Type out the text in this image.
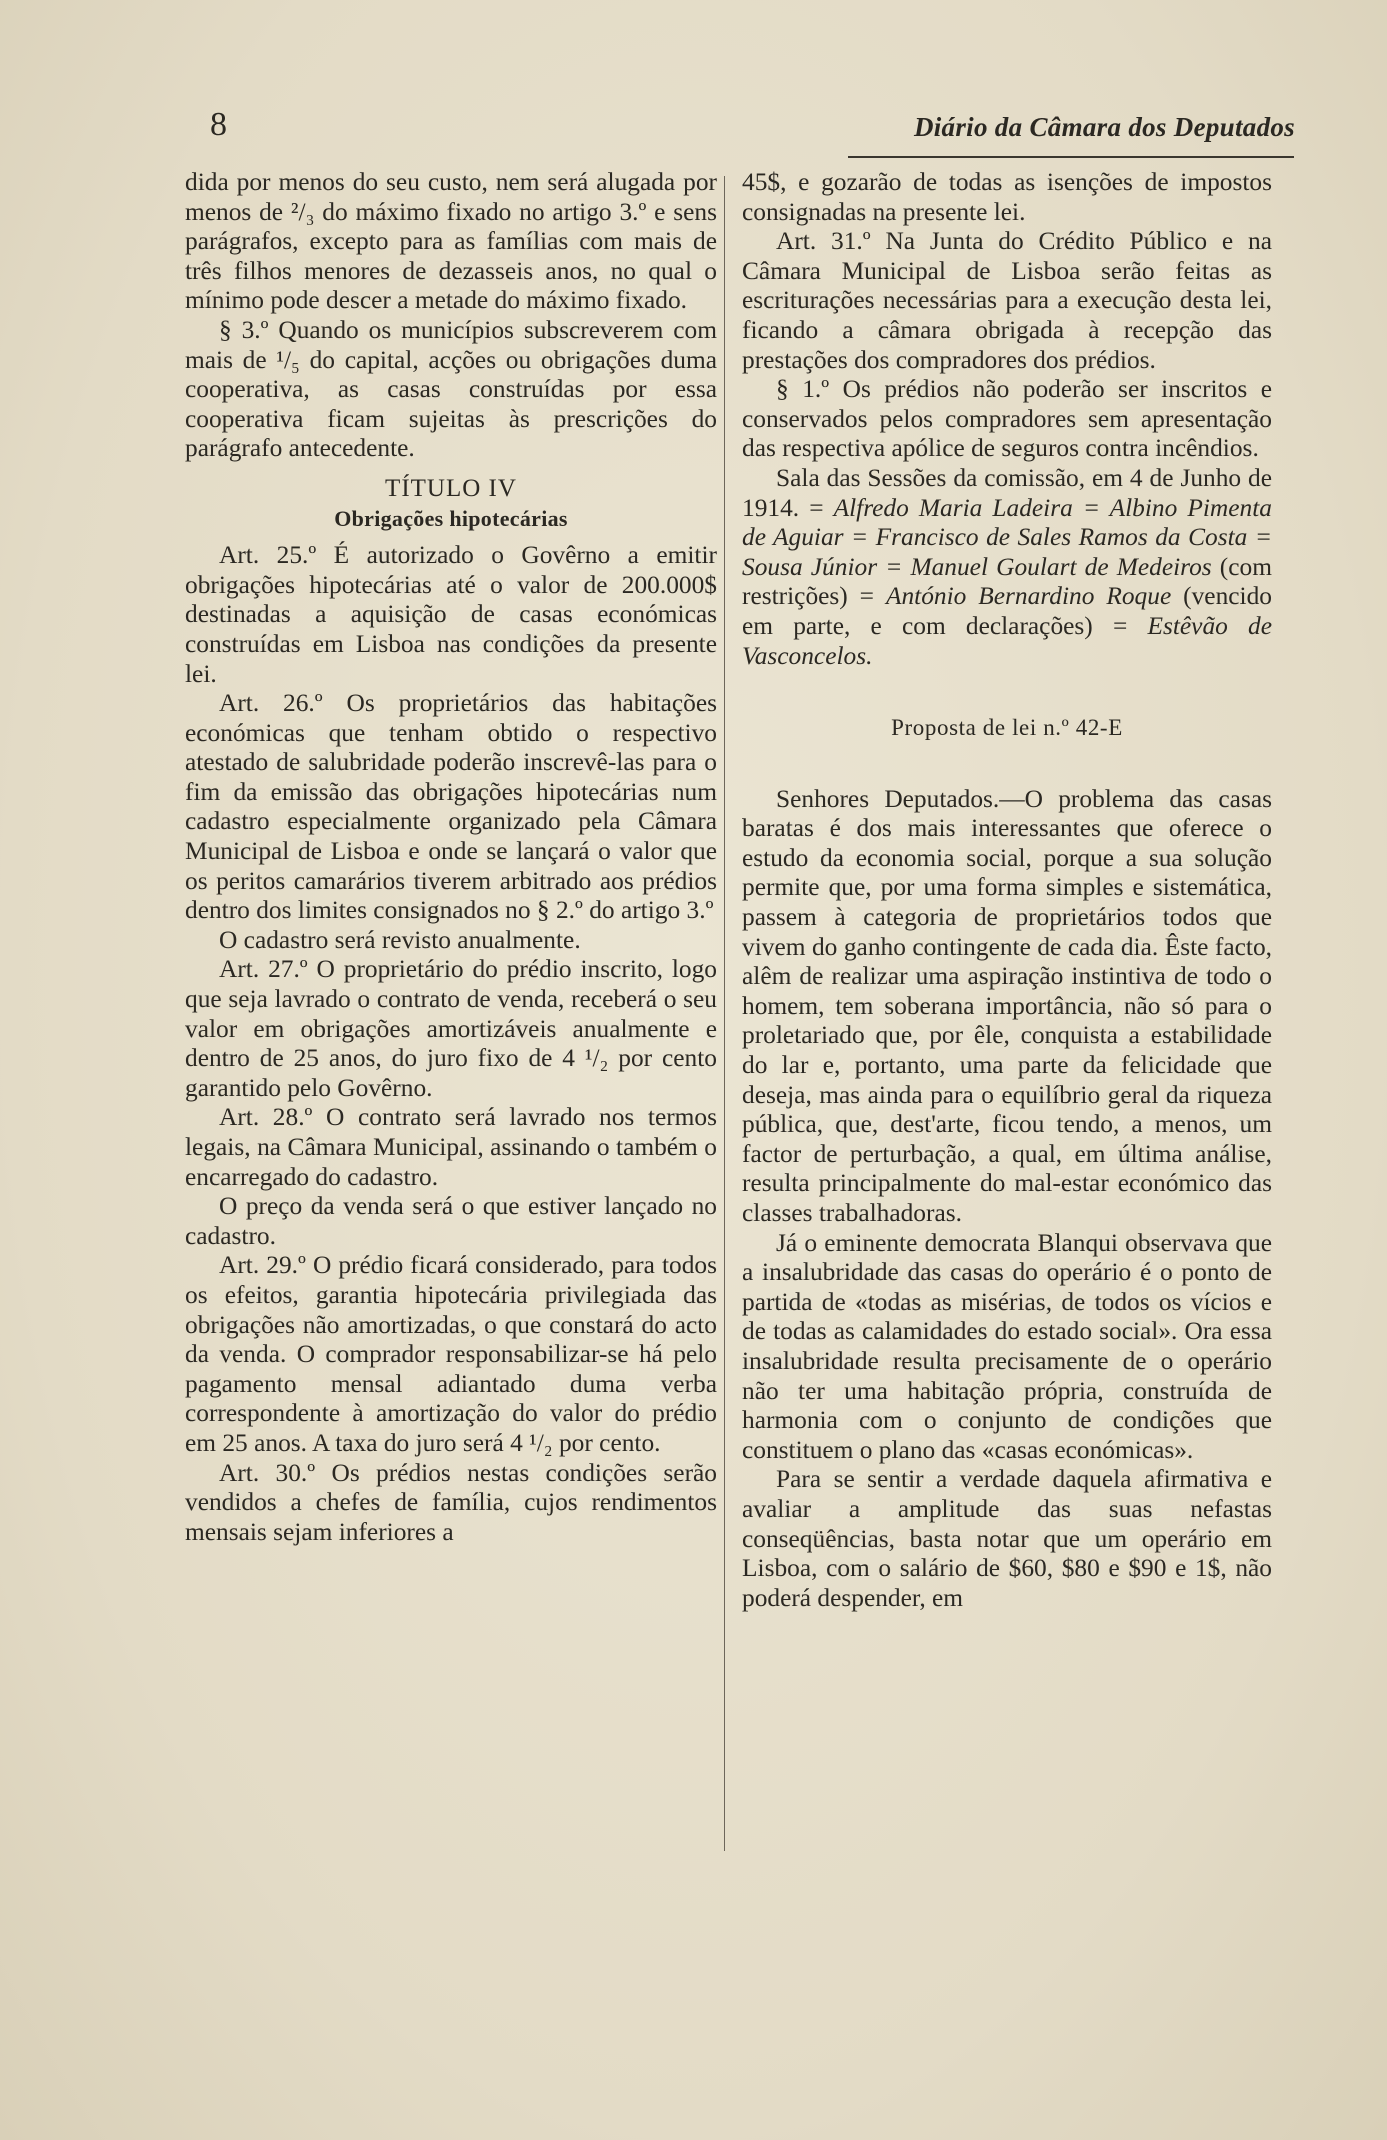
8	Diário da Câmara dos Deputados

dida por menos do seu custo, nem será alugada por menos de ²/₃ do máximo fixado no artigo 3.º e sens parágrafos, excepto para as famílias com mais de três filhos menores de dezasseis anos, no qual o mínimo pode descer a metade do máximo fixado.

§ 3.º Quando os municípios subscreverem com mais de ¹/₅ do capital, acções ou obrigações duma cooperativa, as casas construídas por essa cooperativa ficam sujeitas às prescrições do parágrafo antecedente.

TÍTULO IV

Obrigações hipotecárias

Art. 25.º É autorizado o Govêrno a emitir obrigações hipotecárias até o valor de 200.000$ destinadas a aquisição de casas económicas construídas em Lisboa nas condições da presente lei.

Art. 26.º Os proprietários das habitações económicas que tenham obtido o respectivo atestado de salubridade poderão inscrevê-las para o fim da emissão das obrigações hipotecárias num cadastro especialmente organizado pela Câmara Municipal de Lisboa e onde se lançará o valor que os peritos camarários tiverem arbitrado aos prédios dentro dos limites consignados no § 2.º do artigo 3.º

O cadastro será revisto anualmente.

Art. 27.º O proprietário do prédio inscrito, logo que seja lavrado o contrato de venda, receberá o seu valor em obrigações amortizáveis anualmente e dentro de 25 anos, do juro fixo de 4 ¹/₂ por cento garantido pelo Govêrno.

Art. 28.º O contrato será lavrado nos termos legais, na Câmara Municipal, assinando o também o encarregado do cadastro.

O preço da venda será o que estiver lançado no cadastro.

Art. 29.º O prédio ficará considerado, para todos os efeitos, garantia hipotecária privilegiada das obrigações não amortizadas, o que constará do acto da venda. O comprador responsabilizar-se há pelo pagamento mensal adiantado duma verba correspondente à amortização do valor do prédio em 25 anos. A taxa do juro será 4 ¹/₂ por cento.

Art. 30.º Os prédios nestas condições serão vendidos a chefes de família, cujos rendimentos mensais sejam inferiores a

45$, e gozarão de todas as isenções de impostos consignadas na presente lei.

Art. 31.º Na Junta do Crédito Público e na Câmara Municipal de Lisboa serão feitas as escriturações necessárias para a execução desta lei, ficando a câmara obrigada à recepção das prestações dos compradores dos prédios.

§ 1.º Os prédios não poderão ser inscritos e conservados pelos compradores sem apresentação das respectiva apólice de seguros contra incêndios.

Sala das Sessões da comissão, em 4 de Junho de 1914. = Alfredo Maria Ladeira = Albino Pimenta de Aguiar = Francisco de Sales Ramos da Costa = Sousa Júnior = Manuel Goulart de Medeiros (com restrições) = António Bernardino Roque (vencido em parte, e com declarações) = Estêvão de Vasconcelos.

Proposta de lei n.º 42-E

Senhores Deputados.—O problema das casas baratas é dos mais interessantes que oferece o estudo da economia social, porque a sua solução permite que, por uma forma simples e sistemática, passem à categoria de proprietários todos que vivem do ganho contingente de cada dia. Êste facto, alêm de realizar uma aspiração instintiva de todo o homem, tem soberana importância, não só para o proletariado que, por êle, conquista a estabilidade do lar e, portanto, uma parte da felicidade que deseja, mas ainda para o equilíbrio geral da riqueza pública, que, dest'arte, ficou tendo, a menos, um factor de perturbação, a qual, em última análise, resulta principalmente do mal-estar económico das classes trabalhadoras.

Já o eminente democrata Blanqui observava que a insalubridade das casas do operário é o ponto de partida de «todas as misérias, de todos os vícios e de todas as calamidades do estado social». Ora essa insalubridade resulta precisamente de o operário não ter uma habitação própria, construída de harmonia com o conjunto de condições que constituem o plano das «casas económicas».

Para se sentir a verdade daquela afirmativa e avaliar a amplitude das suas nefastas conseqüências, basta notar que um operário em Lisboa, com o salário de $60, $80 e $90 e 1$, não poderá despender, em
